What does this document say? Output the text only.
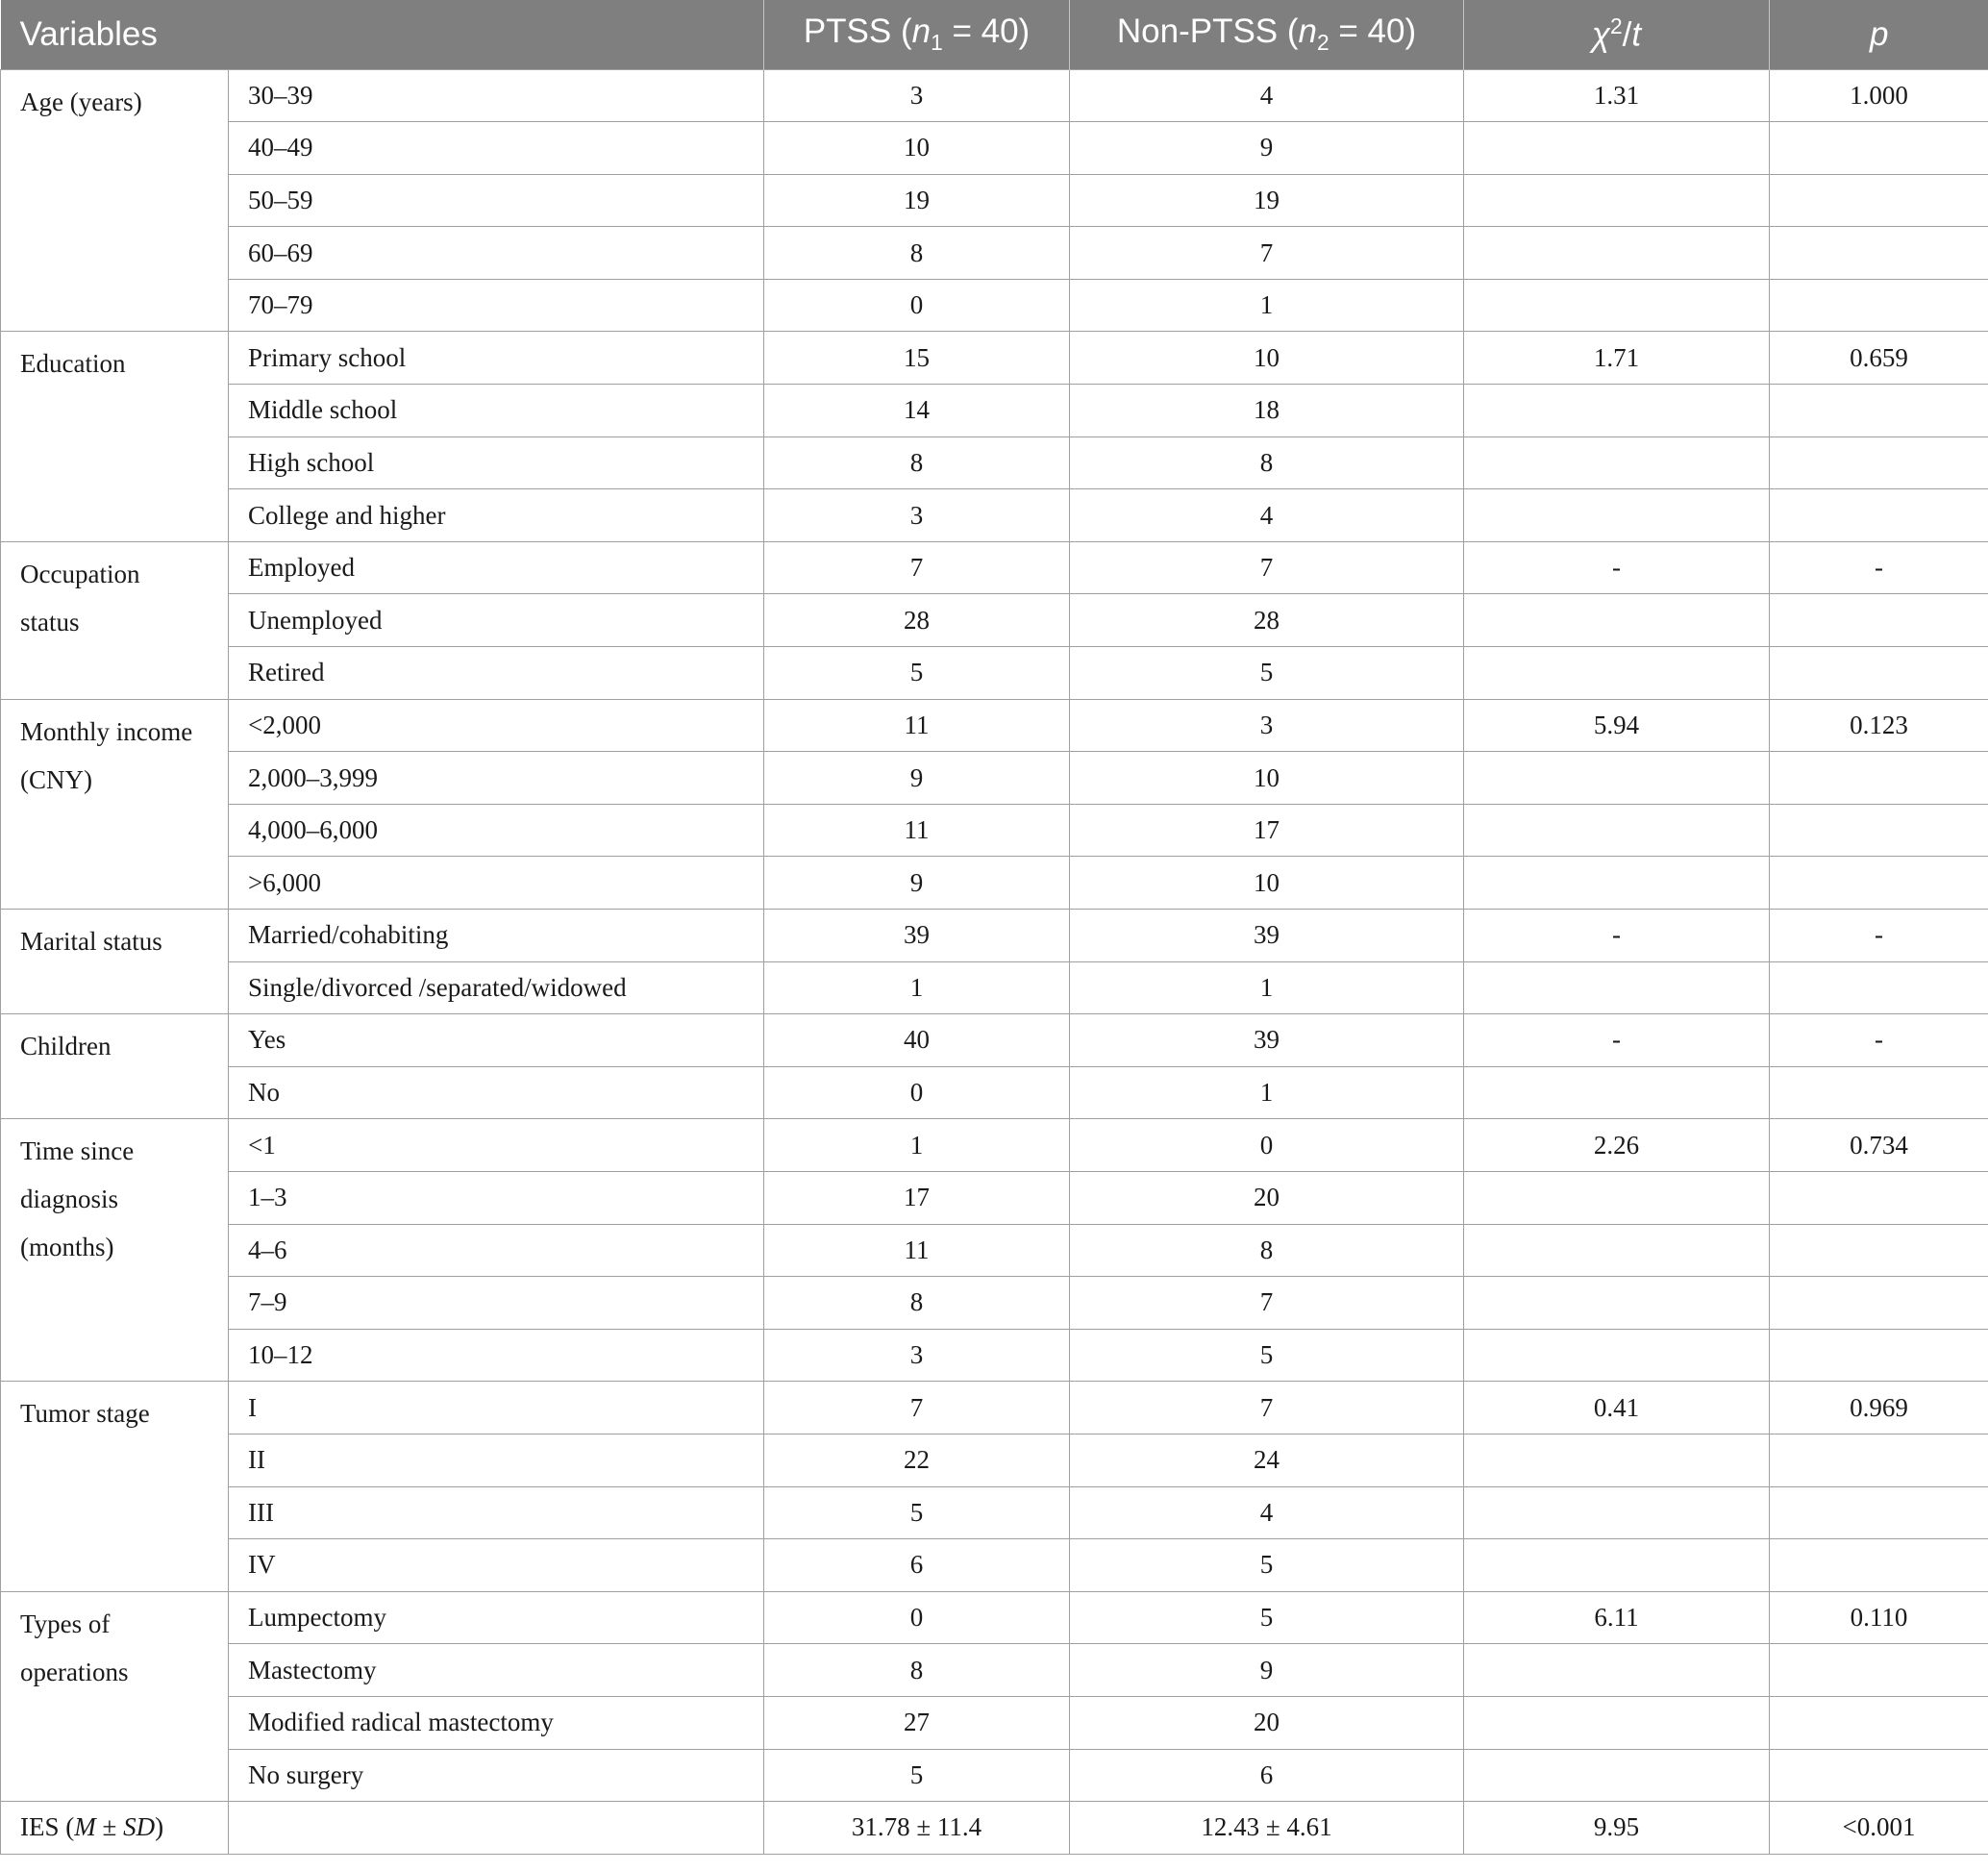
Variables		PTSS $(n_1 = 40)$	Non-PTSS $(n_2 = 40)$	$\chi^2/t$	p
Age (years)	30–39	3	4	1.31	1.000
	40–49	10	9		
	50–59	19	19		
	60–69	8	7		
	70–79	0	1		
Education	Primary school	15	10	1.71	0.659
	Middle school	14	18		
	High school	8	8		
	College and higher	3	4		
Occupation
status	Employed	7	7	-	-
	Unemployed	28	28		
	Retired	5	5		
Monthly income
(CNY)	<2,000	11	3	5.94	0.123
	2,000–3,999	9	10		
	4,000–6,000	11	17		
	>6,000	9	10		
Marital status	Married/cohabiting	39	39	-	-
	Single/divorced /separated/widowed	1	1		
Children	Yes	40	39	-	-
	No	0	1		
Time since
diagnosis
(months)	<1	1	0	2.26	0.734
	1–3	17	20		
	4–6	11	8		
	7–9	8	7		
	10–12	3	5		
Tumor stage	I	7	7	0.41	0.969
	II	22	24		
	III	5	4		
	IV	6	5		
Types of
operations	Lumpectomy	0	5	6.11	0.110
	Mastectomy	8	9		
	Modified radical mastectomy	27	20		
	No surgery	5	6		
IES (M ± SD)		31.78 ± 11.4	12.43 ± 4.61	9.95	<0.001
